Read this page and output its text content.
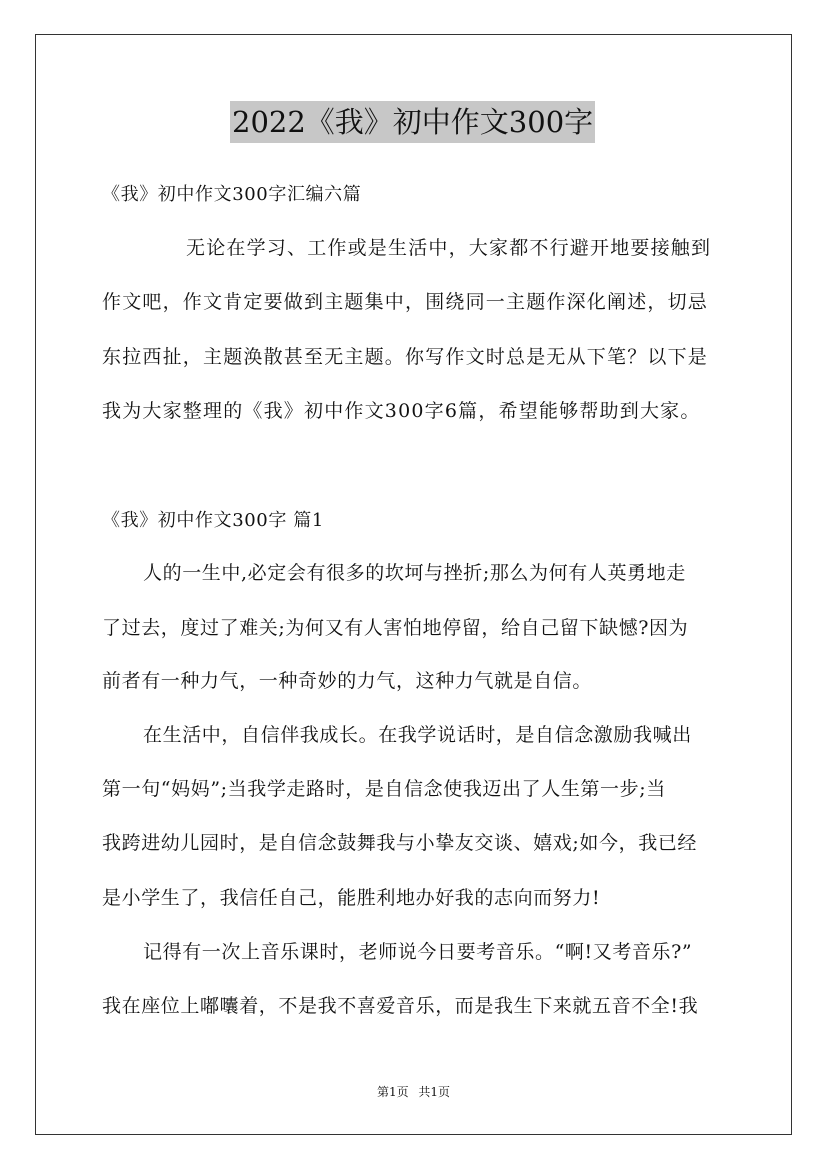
2022《我》初中作文300字
《我》初中作文300字汇编六篇
无论在学习、工作或是生活中，大家都不行避开地要接触到
作文吧，作文肯定要做到主题集中，围绕同一主题作深化阐述，切忌
东拉西扯，主题涣散甚至无主题。你写作文时总是无从下笔？以下是
我为大家整理的《我》初中作文300字6篇，希望能够帮助到大家。
《我》初中作文300字 篇1
人的一生中,必定会有很多的坎坷与挫折;那么为何有人英勇地走
了过去，度过了难关;为何又有人害怕地停留，给自己留下缺憾?因为
前者有一种力气，一种奇妙的力气，这种力气就是自信。
在生活中，自信伴我成长。在我学说话时，是自信念激励我喊出
第一句“妈妈”;当我学走路时，是自信念使我迈出了人生第一步;当
我跨进幼儿园时，是自信念鼓舞我与小挚友交谈、嬉戏;如今，我已经
是小学生了，我信任自己，能胜利地办好我的志向而努力!
记得有一次上音乐课时，老师说今日要考音乐。“啊!又考音乐?”
我在座位上嘟囔着，不是我不喜爱音乐，而是我生下来就五音不全!我
第1页 共1页
